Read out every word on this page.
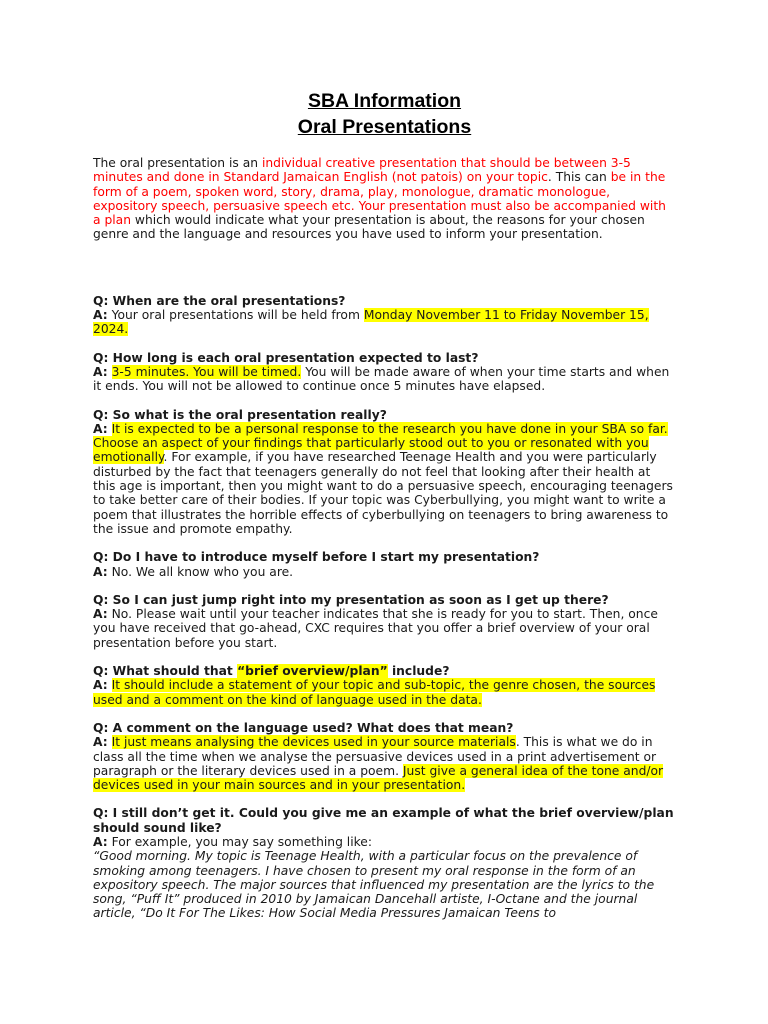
SBA Information

Oral Presentations

The oral presentation is an individual creative presentation that should be between 3-5 minutes and done in Standard Jamaican English (not patois) on your topic. This can be in the form of a poem, spoken word, story, drama, play, monologue, dramatic monologue, expository speech, persuasive speech etc. Your presentation must also be accompanied with a plan which would indicate what your presentation is about, the reasons for your chosen genre and the language and resources you have used to inform your presentation.

Q: When are the oral presentations?

A: Your oral presentations will be held from Monday November 11 to Friday November 15, 2024.

Q: How long is each oral presentation expected to last?

A: 3-5 minutes. You will be timed. You will be made aware of when your time starts and when it ends. You will not be allowed to continue once 5 minutes have elapsed.

Q: So what is the oral presentation really?

A: It is expected to be a personal response to the research you have done in your SBA so far. Choose an aspect of your findings that particularly stood out to you or resonated with you emotionally. For example, if you have researched Teenage Health and you were particularly disturbed by the fact that teenagers generally do not feel that looking after their health at this age is important, then you might want to do a persuasive speech, encouraging teenagers to take better care of their bodies. If your topic was Cyberbullying, you might want to write a poem that illustrates the horrible effects of cyberbullying on teenagers to bring awareness to the issue and promote empathy.

Q: Do I have to introduce myself before I start my presentation?

A: No. We all know who you are.

Q: So I can just jump right into my presentation as soon as I get up there?

A: No. Please wait until your teacher indicates that she is ready for you to start. Then, once you have received that go-ahead, CXC requires that you offer a brief overview of your oral presentation before you start.

Q: What should that “brief overview/plan” include?

A: It should include a statement of your topic and sub-topic, the genre chosen, the sources used and a comment on the kind of language used in the data.

Q: A comment on the language used? What does that mean?

A: It just means analysing the devices used in your source materials. This is what we do in class all the time when we analyse the persuasive devices used in a print advertisement or paragraph or the literary devices used in a poem. Just give a general idea of the tone and/or devices used in your main sources and in your presentation.

Q: I still don’t get it. Could you give me an example of what the brief overview/plan should sound like?

A: For example, you may say something like:

“Good morning. My topic is Teenage Health, with a particular focus on the prevalence of smoking among teenagers. I have chosen to present my oral response in the form of an expository speech. The major sources that influenced my presentation are the lyrics to the song, “Puff It” produced in 2010 by Jamaican Dancehall artiste, I-Octane and the journal article, “Do It For The Likes: How Social Media Pressures Jamaican Teens to
